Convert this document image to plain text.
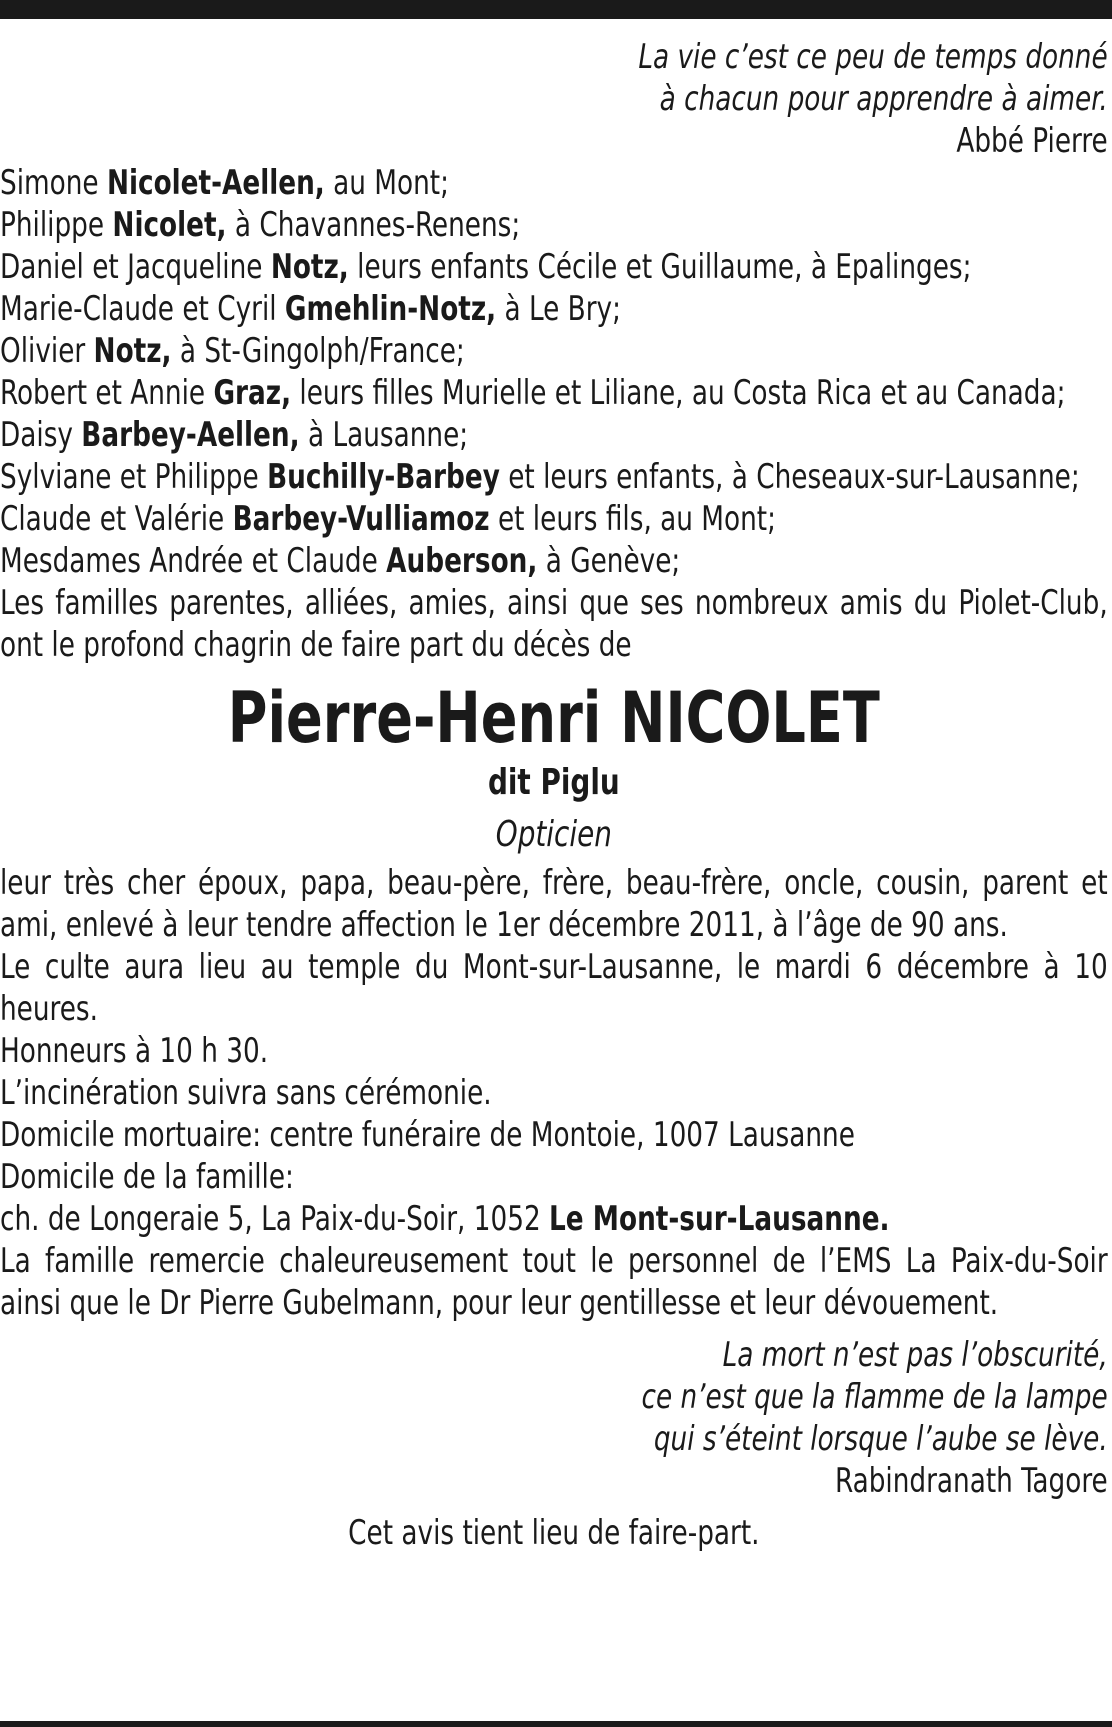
La vie c’est ce peu de temps donné

à chacun pour apprendre à aimer.

Abbé Pierre

Simone Nicolet-Aellen, au Mont;

Philippe Nicolet, à Chavannes-Renens;

Daniel et Jacqueline Notz, leurs enfants Cécile et Guillaume, à Epalinges;

Marie-Claude et Cyril Gmehlin-Notz, à Le Bry;

Olivier Notz, à St-Gingolph/France;

Robert et Annie Graz, leurs filles Murielle et Liliane, au Costa Rica et au Canada;

Daisy Barbey-Aellen, à Lausanne;

Sylviane et Philippe Buchilly-Barbey et leurs enfants, à Cheseaux-sur-Lausanne;

Claude et Valérie Barbey-Vulliamoz et leurs fils, au Mont;

Mesdames Andrée et Claude Auberson, à Genève;

Les familles parentes, alliées, amies, ainsi que ses nombreux amis du Piolet-Club, ont le profond chagrin de faire part du décès de

Pierre-Henri NICOLET

dit Piglu

Opticien

leur très cher époux, papa, beau-père, frère, beau-frère, oncle, cousin, parent et ami, enlevé à leur tendre affection le 1er décembre 2011, à l’âge de 90 ans.

Le culte aura lieu au temple du Mont-sur-Lausanne, le mardi 6 décembre à 10 heures.

Honneurs à 10 h 30.

L’incinération suivra sans cérémonie.

Domicile mortuaire: centre funéraire de Montoie, 1007 Lausanne

Domicile de la famille:

ch. de Longeraie 5, La Paix-du-Soir, 1052 Le Mont-sur-Lausanne.

La famille remercie chaleureusement tout le personnel de l’EMS La Paix-du-Soir ainsi que le Dr Pierre Gubelmann, pour leur gentillesse et leur dévouement.

La mort n’est pas l’obscurité,

ce n’est que la flamme de la lampe

qui s’éteint lorsque l’aube se lève.

Rabindranath Tagore

Cet avis tient lieu de faire-part.
